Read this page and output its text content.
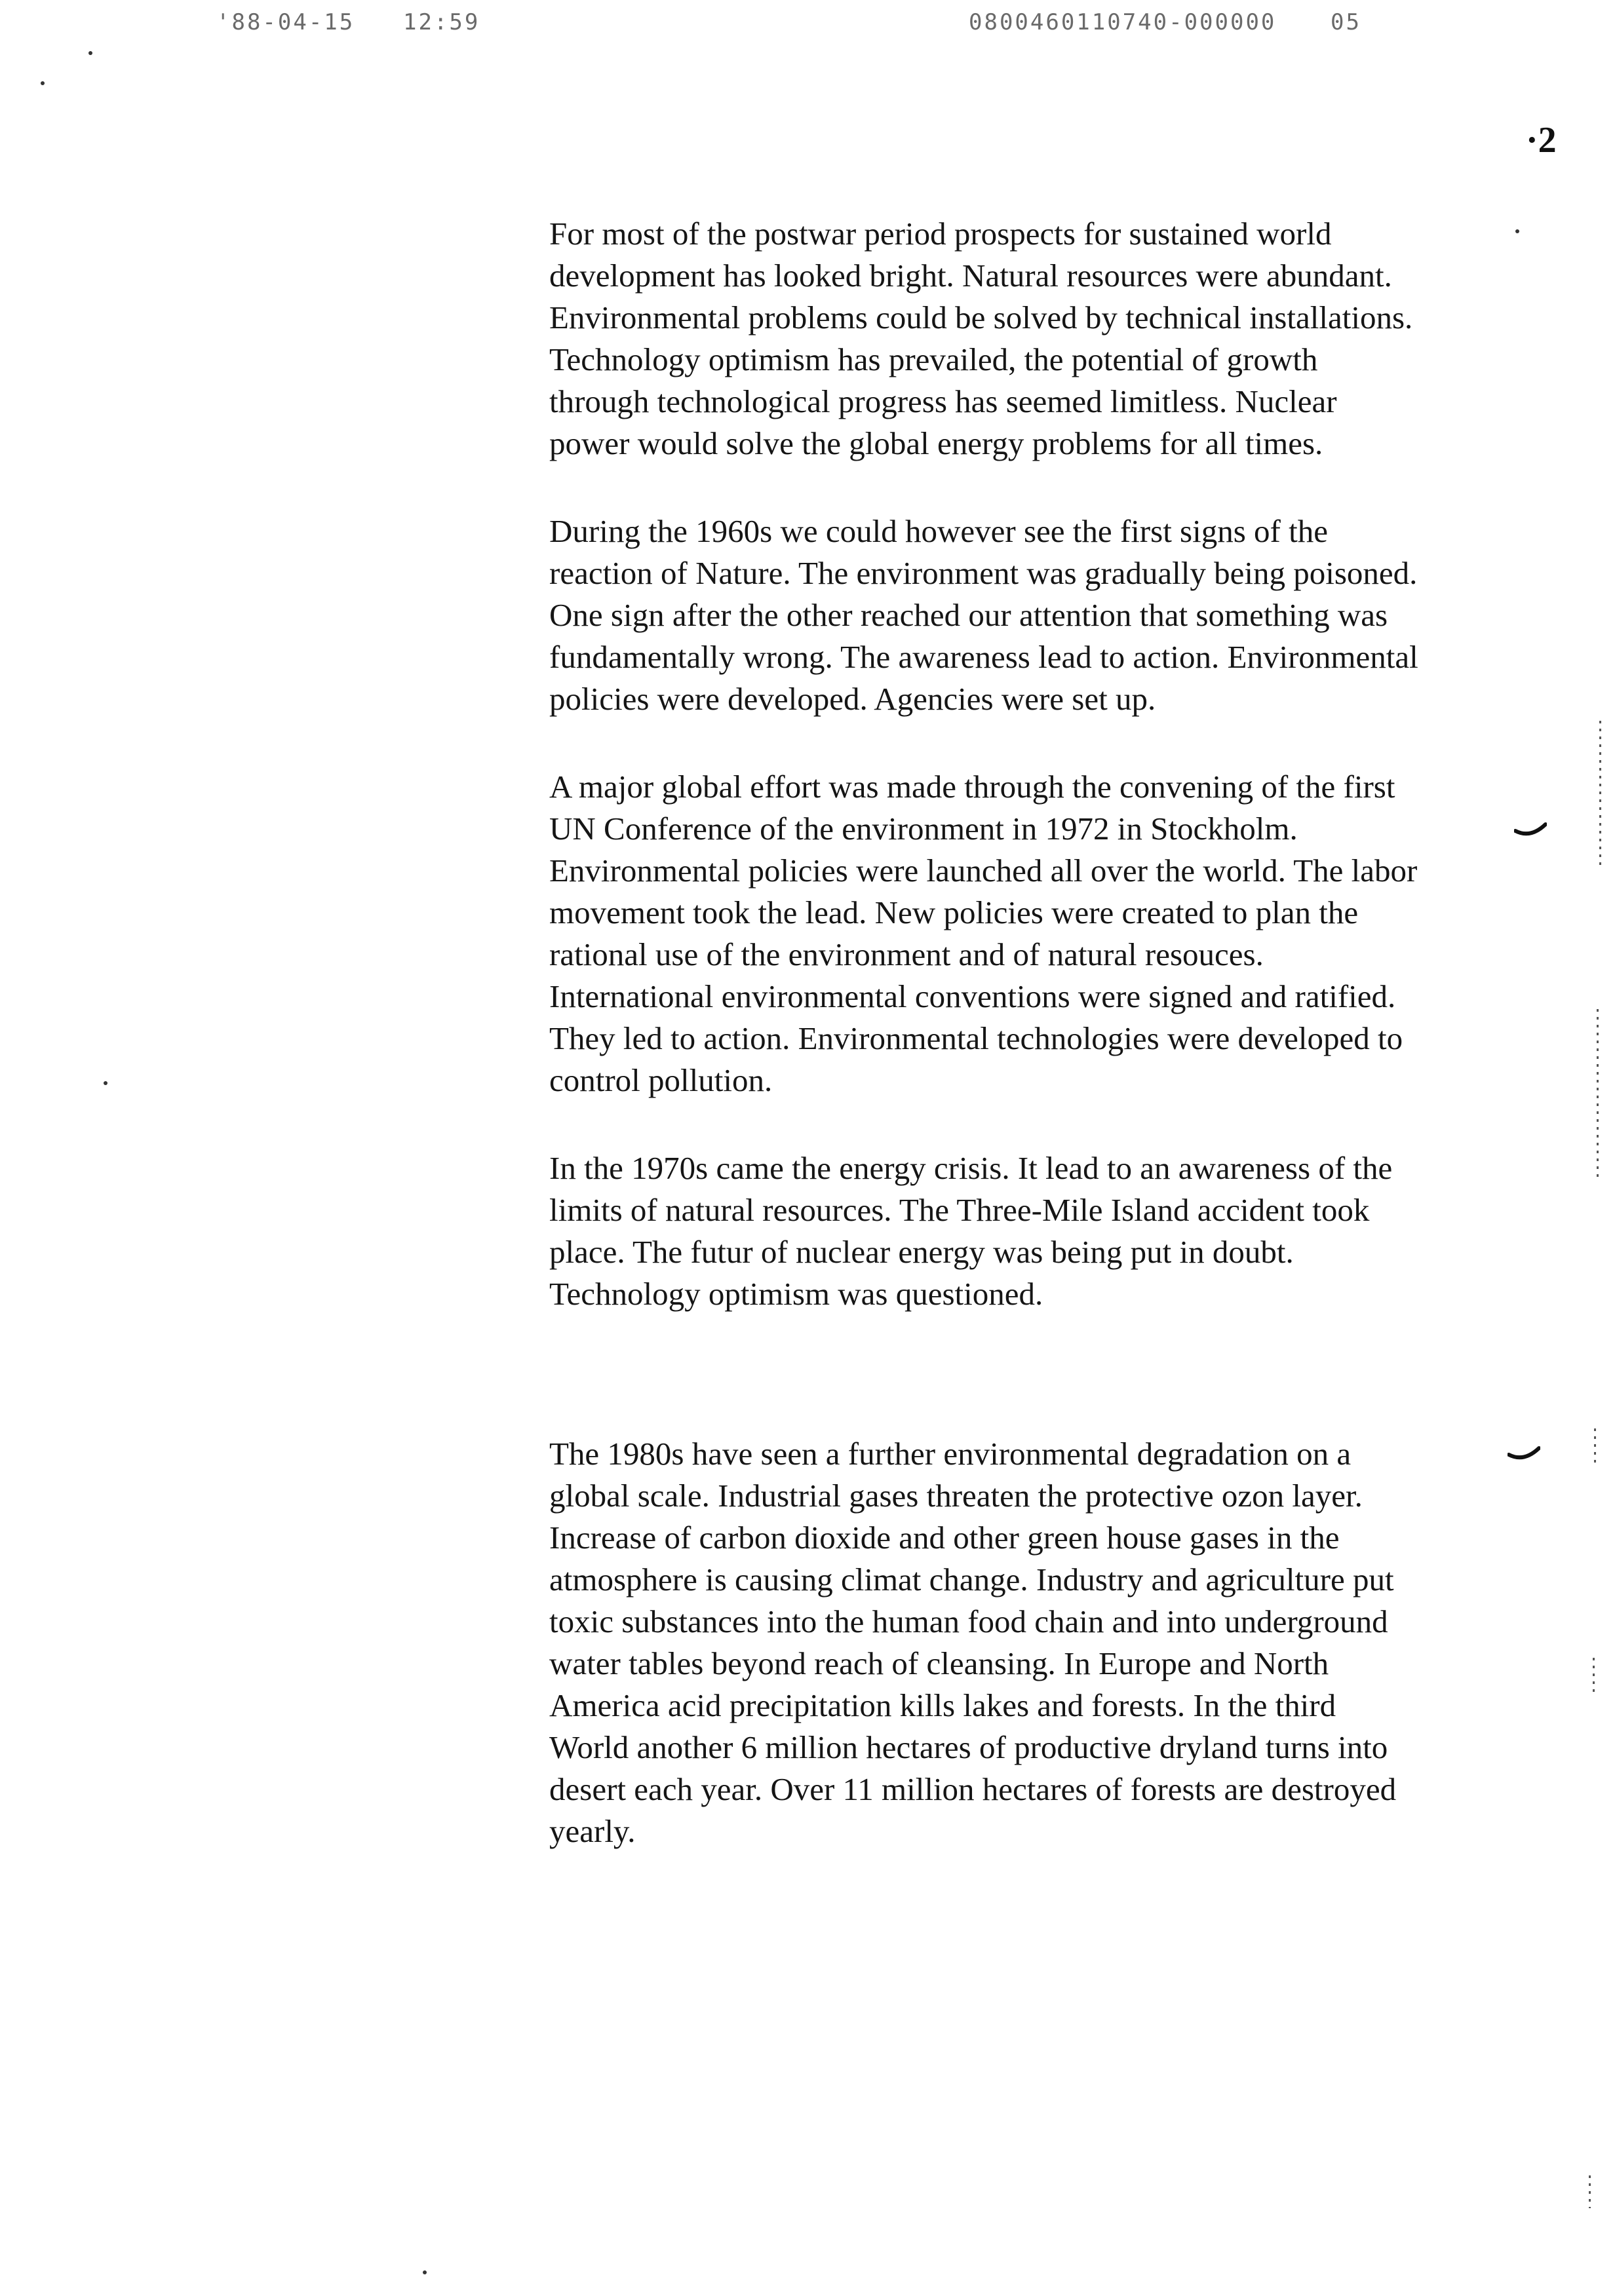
'88-04-15 12:59	0800460110740-000000 05
·2

For most of the postwar period prospects for sustained world development has looked bright. Natural resources were abundant. Environmental problems could be solved by technical installations. Technology optimism has prevailed, the potential of growth through technological progress has seemed limitless. Nuclear power would solve the global energy problems for all times.

During the 1960s we could however see the first signs of the reaction of Nature. The environment was gradually being poisoned. One sign after the other reached our attention that something was fundamentally wrong. The awareness lead to action. Environmental policies were developed. Agencies were set up.

A major global effort was made through the convening of the first UN Conference of the environment in 1972 in Stockholm. Environmental policies were launched all over the world. The labor movement took the lead. New policies were created to plan the rational use of the environment and of natural resouces. International environmental conventions were signed and ratified. They led to action. Environmental technologies were developed to control pollution.

In the 1970s came the energy crisis. It lead to an awareness of the limits of natural resources. The Three-Mile Island accident took place. The futur of nuclear energy was being put in doubt. Technology optimism was questioned.

The 1980s have seen a further environmental degradation on a global scale. Industrial gases threaten the protective ozon layer. Increase of carbon dioxide and other green house gases in the atmosphere is causing climat change. Industry and agriculture put toxic substances into the human food chain and into underground water tables beyond reach of cleansing. In Europe and North America acid precipitation kills lakes and forests. In the third World another 6 million hectares of productive dryland turns into desert each year. Over 11 million hectares of forests are destroyed yearly.
